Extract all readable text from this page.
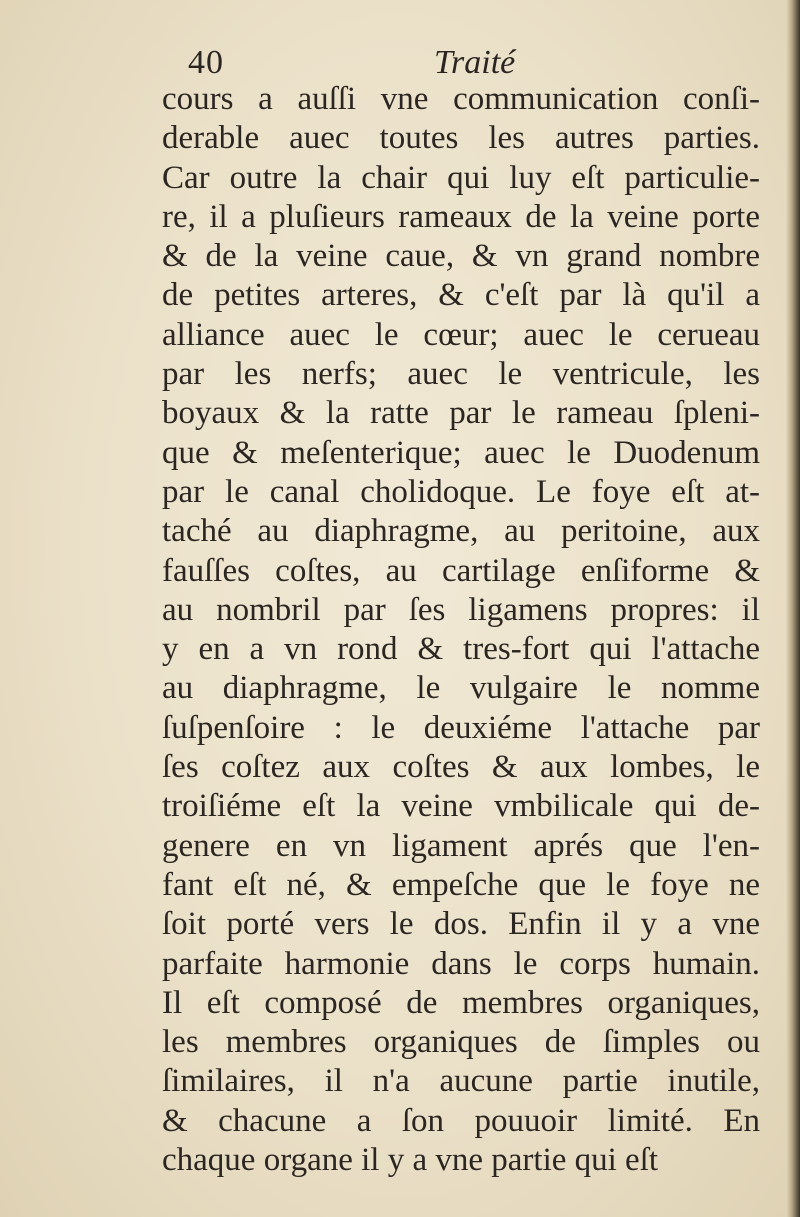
40	Traité
cours a auſſi vne communication conſi-
derable auec toutes les autres parties.
Car outre la chair qui luy eſt particulie-
re, il a pluſieurs rameaux de la veine porte
& de la veine caue, & vn grand nombre
de petites arteres, & c'eſt par là qu'il a
alliance auec le cœur; auec le cerueau
par les nerfs; auec le ventricule, les
boyaux & la ratte par le rameau ſpleni-
que & meſenterique; auec le Duodenum
par le canal cholidoque. Le foye eſt at-
taché au diaphragme, au peritoine, aux
fauſſes coſtes, au cartilage enſiforme &
au nombril par ſes ligamens propres: il
y en a vn rond & tres-fort qui l'attache
au diaphragme, le vulgaire le nomme
ſuſpenſoire : le deuxiéme l'attache par
ſes coſtez aux coſtes & aux lombes, le
troiſiéme eſt la veine vmbilicale qui de-
genere en vn ligament aprés que l'en-
fant eſt né, & empeſche que le foye ne
ſoit porté vers le dos. Enfin il y a vne
parfaite harmonie dans le corps humain.
Il eſt composé de membres organiques,
les membres organiques de ſimples ou
ſimilaires, il n'a aucune partie inutile,
& chacune a ſon pouuoir limité. En
chaque organe il y a vne partie qui eſt
